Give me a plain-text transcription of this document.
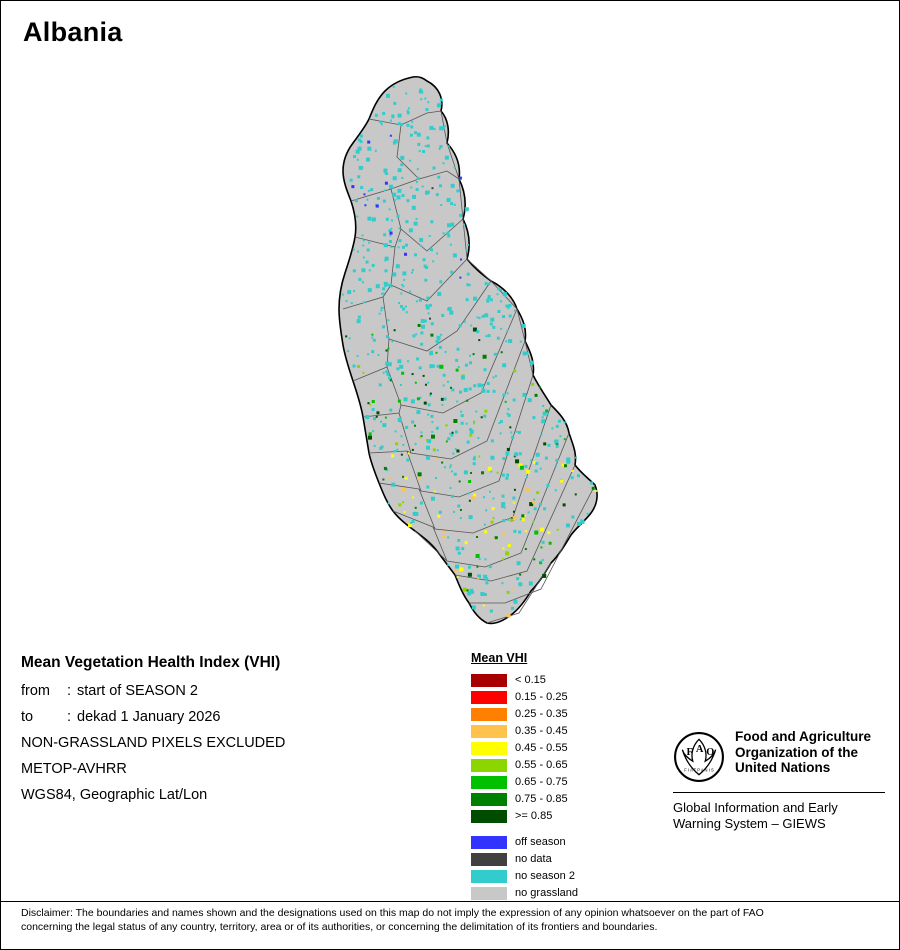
Albania
Mean Vegetation Health Index (VHI)
from : start of SEASON 2
to : dekad 1 January 2026
NON-GRASSLAND PIXELS EXCLUDED
METOP-AVHRR
WGS84, Geographic Lat/Lon
Mean VHI
< 0.15
0.15 - 0.25
0.25 - 0.35
0.35 - 0.45
0.45 - 0.55
0.55 - 0.65
0.65 - 0.75
0.75 - 0.85
>= 0.85
off season
no data
no season 2
no grassland
F A O
F I A T P A N I S
Food and Agriculture
Organization of the
United Nations
Global Information and Early
Warning System – GIEWS
Disclaimer: The boundaries and names shown and the designations used on this map do not imply the expression of any opinion whatsoever on the part of FAO
concerning the legal status of any country, territory, area or of its authorities, or concerning the delimitation of its frontiers and boundaries.
